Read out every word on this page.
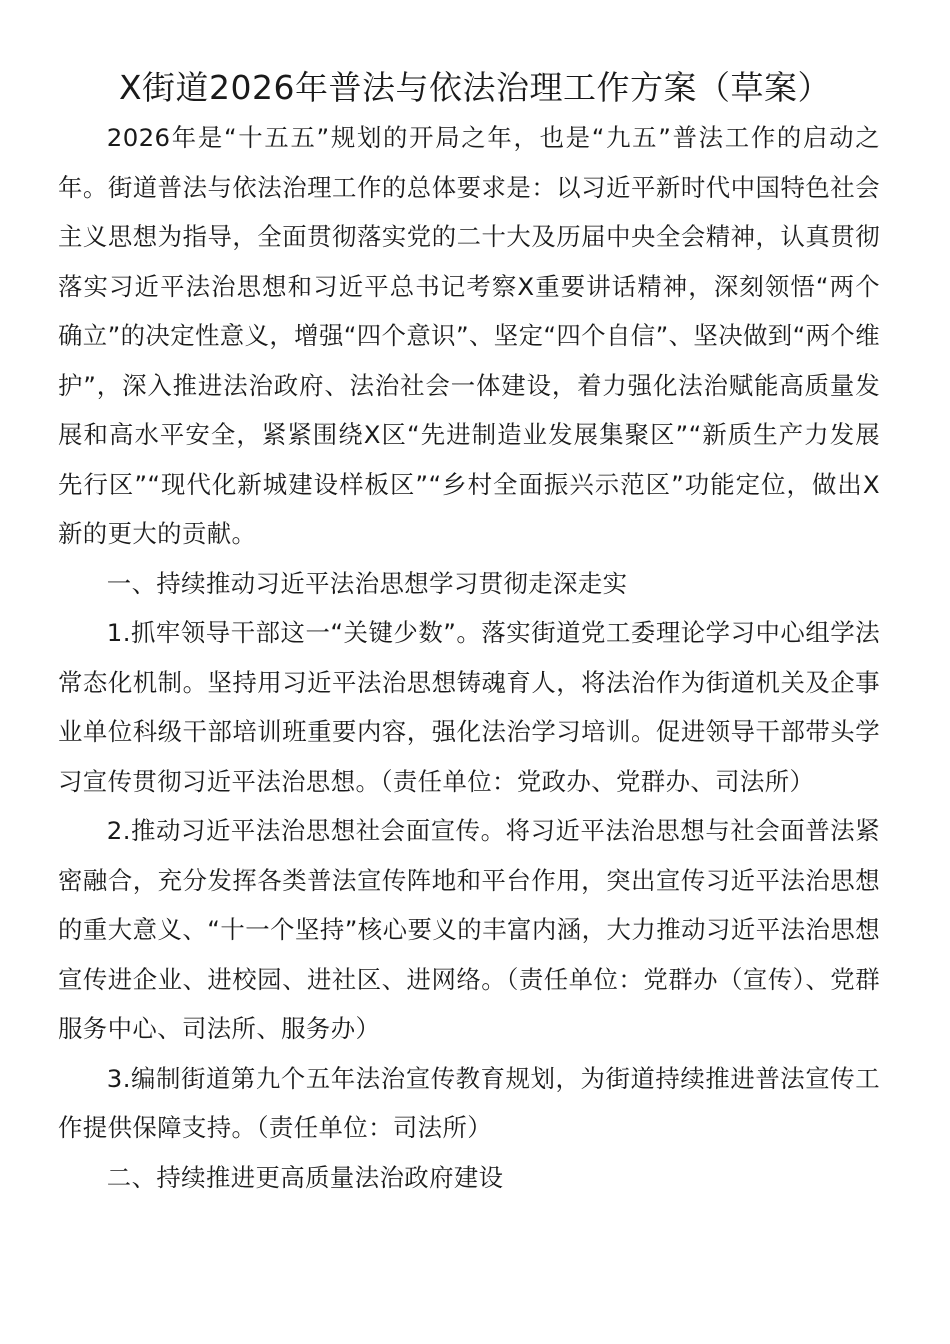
X街道2026年普法与依法治理工作方案（草案）

2026年是“十五五”规划的开局之年，也是“九五”普法工作的启动之年。街道普法与依法治理工作的总体要求是：以习近平新时代中国特色社会主义思想为指导，全面贯彻落实党的二十大及历届中央全会精神，认真贯彻落实习近平法治思想和习近平总书记考察X重要讲话精神，深刻领悟“两个确立”的决定性意义，增强“四个意识”、坚定“四个自信”、坚决做到“两个维护”，深入推进法治政府、法治社会一体建设，着力强化法治赋能高质量发展和高水平安全，紧紧围绕X区“先进制造业发展集聚区”“新质生产力发展先行区”“现代化新城建设样板区”“乡村全面振兴示范区”功能定位，做出X新的更大的贡献。

一、持续推动习近平法治思想学习贯彻走深走实

1.抓牢领导干部这一“关键少数”。落实街道党工委理论学习中心组学法常态化机制。坚持用习近平法治思想铸魂育人，将法治作为街道机关及企事业单位科级干部培训班重要内容，强化法治学习培训。促进领导干部带头学习宣传贯彻习近平法治思想。（责任单位：党政办、党群办、司法所）

2.推动习近平法治思想社会面宣传。将习近平法治思想与社会面普法紧密融合，充分发挥各类普法宣传阵地和平台作用，突出宣传习近平法治思想的重大意义、“十一个坚持”核心要义的丰富内涵，大力推动习近平法治思想宣传进企业、进校园、进社区、进网络。（责任单位：党群办（宣传）、党群服务中心、司法所、服务办）

3.编制街道第九个五年法治宣传教育规划，为街道持续推进普法宣传工作提供保障支持。（责任单位：司法所）

二、持续推进更高质量法治政府建设
